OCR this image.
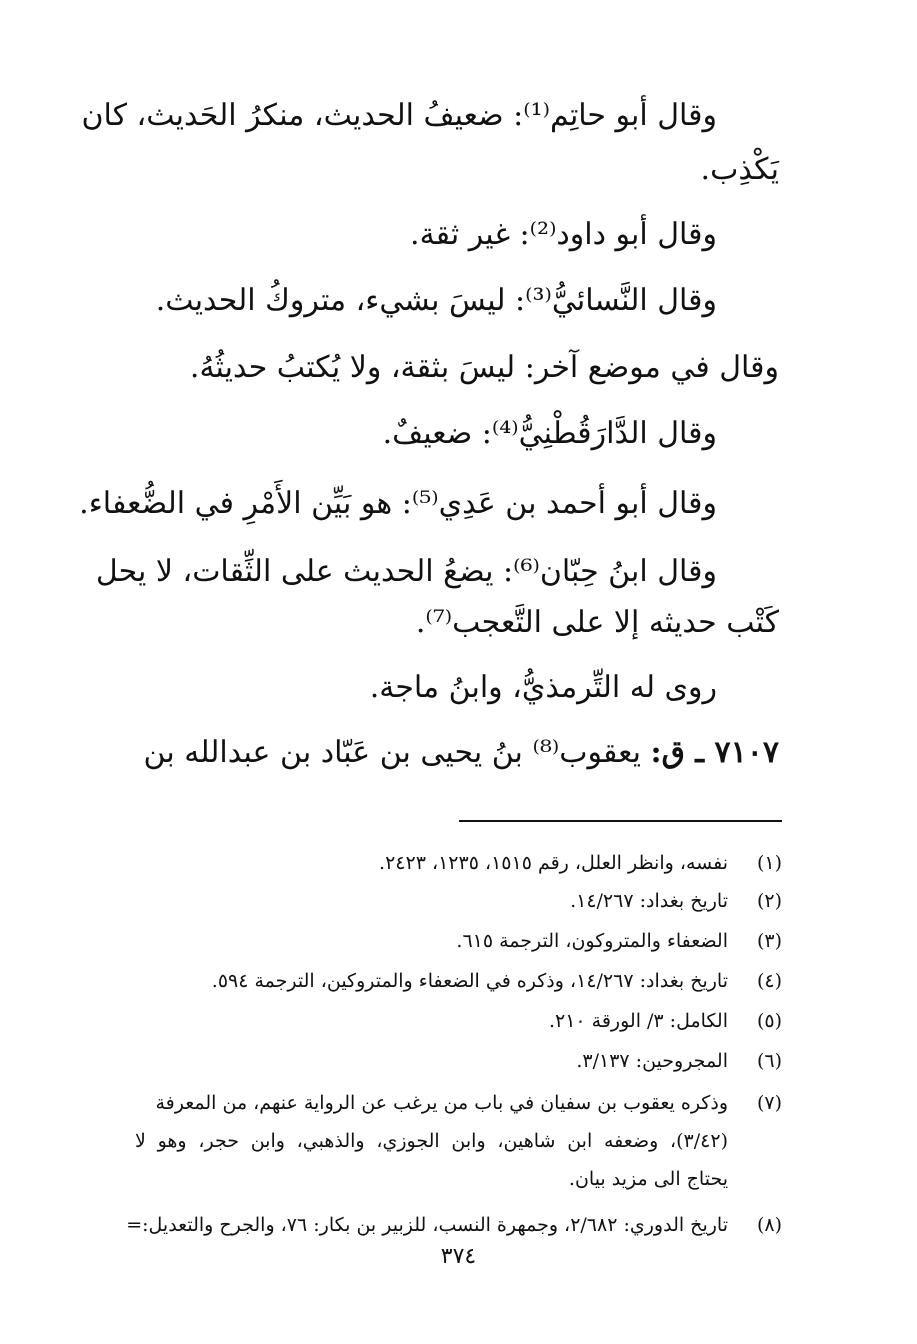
وقال أبو حاتِم⁽¹⁾: ضعيفُ الحديث، منكرُ الحَديث، كان
يَكْذِب.
وقال أبو داود⁽²⁾: غير ثقة.
وقال النَّسائيُّ⁽³⁾: ليسَ بشيء، متروكُ الحديث.
وقال في موضع آخر: ليسَ بثقة، ولا يُكتبُ حديثُهُ.
وقال الدَّارَقُطْنِيُّ⁽⁴⁾: ضعيفٌ.
وقال أبو أحمد بن عَدِي⁽⁵⁾: هو بَيِّن الأَمْرِ في الضُّعفاء.
وقال ابنُ حِبّان⁽⁶⁾: يضعُ الحديث على الثِّقات، لا يحل
كَتْب حديثه إلا على التَّعجب⁽⁷⁾.
روى له التِّرمذيُّ، وابنُ ماجة.
٧١٠٧ ـ ق: يعقوب⁽⁸⁾ بنُ يحيى بن عَبّاد بن عبدالله بن
(١)نفسه، وانظر العلل، رقم ١٥١٥، ١٢٣٥، ٢٤٢٣.
(٢)تاريخ بغداد: ١٤/٢٦٧.
(٣)الضعفاء والمتروكون، الترجمة ٦١٥.
(٤)تاريخ بغداد: ١٤/٢٦٧، وذكره في الضعفاء والمتروكين، الترجمة ٥٩٤.
(٥)الكامل: ٣/ الورقة ٢١٠.
(٦)المجروحين: ٣/١٣٧.
(٧)وذكره يعقوب بن سفيان في باب من يرغب عن الرواية عنهم، من المعرفة
(٣/٤٢)، وضعفه ابن شاهين، وابن الجوزي، والذهبي، وابن حجر، وهو لا
يحتاج الى مزيد بيان.
(٨)تاريخ الدوري: ٢/٦٨٢، وجمهرة النسب، للزبير بن بكار: ٧٦، والجرح والتعديل:=
٣٧٤
